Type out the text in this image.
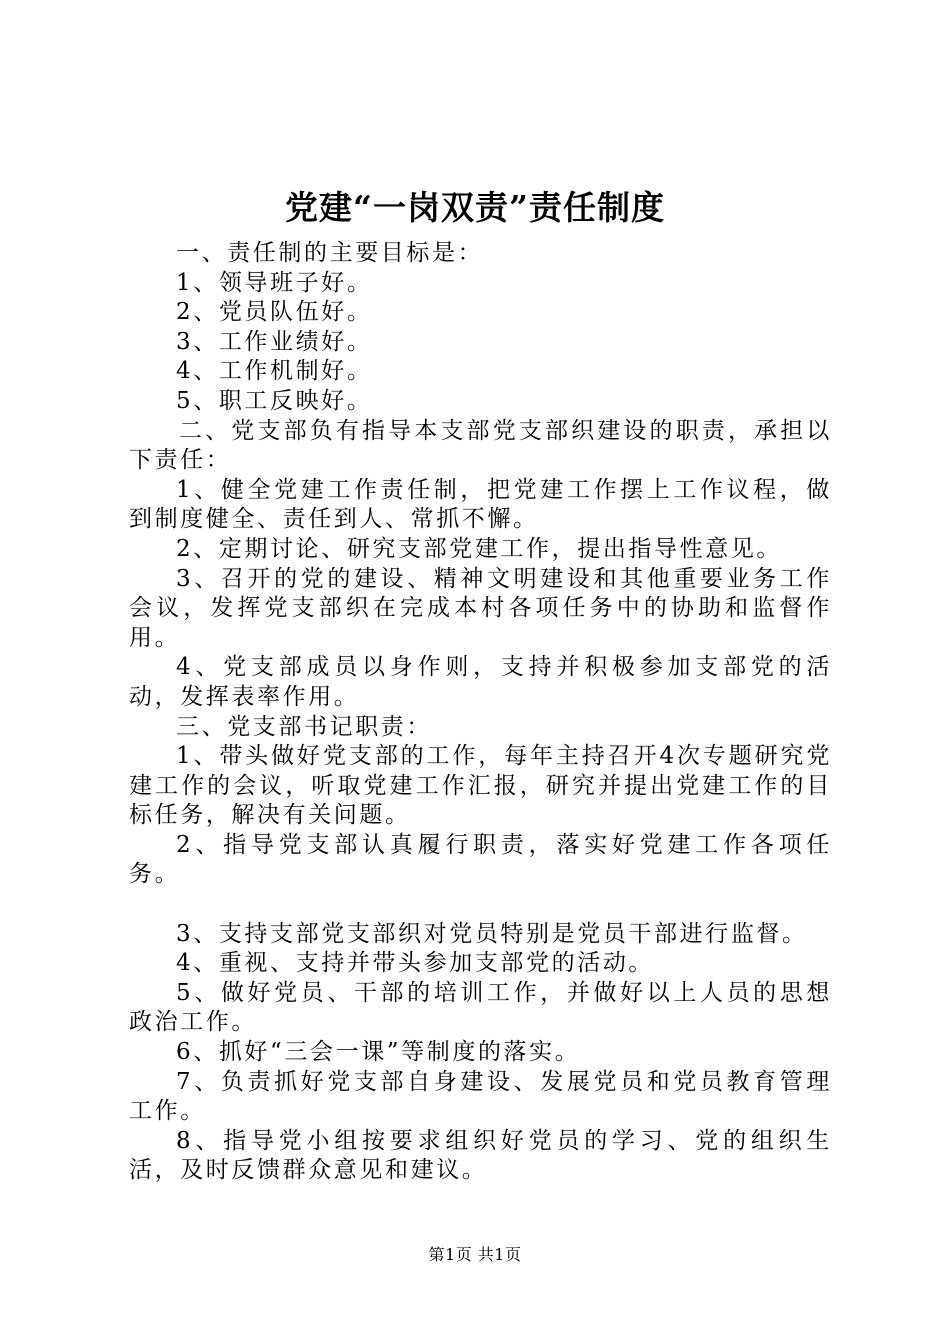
党建“一岗双责”责任制度

一、责任制的主要目标是：

1、领导班子好。

2、党员队伍好。

3、工作业绩好。

4、工作机制好。

5、职工反映好。

二、党支部负有指导本支部党支部织建设的职责，承担以下责任：

1、健全党建工作责任制，把党建工作摆上工作议程，做到制度健全、责任到人、常抓不懈。

2、定期讨论、研究支部党建工作，提出指导性意见。

3、召开的党的建设、精神文明建设和其他重要业务工作会议，发挥党支部织在完成本村各项任务中的协助和监督作用。

4、党支部成员以身作则，支持并积极参加支部党的活动，发挥表率作用。

三、党支部书记职责：

1、带头做好党支部的工作，每年主持召开4次专题研究党建工作的会议，听取党建工作汇报，研究并提出党建工作的目标任务，解决有关问题。

2、指导党支部认真履行职责，落实好党建工作各项任务。

3、支持支部党支部织对党员特别是党员干部进行监督。

4、重视、支持并带头参加支部党的活动。

5、做好党员、干部的培训工作，并做好以上人员的思想政治工作。

6、抓好“三会一课”等制度的落实。

7、负责抓好党支部自身建设、发展党员和党员教育管理工作。

8、指导党小组按要求组织好党员的学习、党的组织生活，及时反馈群众意见和建议。

第1页 共1页
